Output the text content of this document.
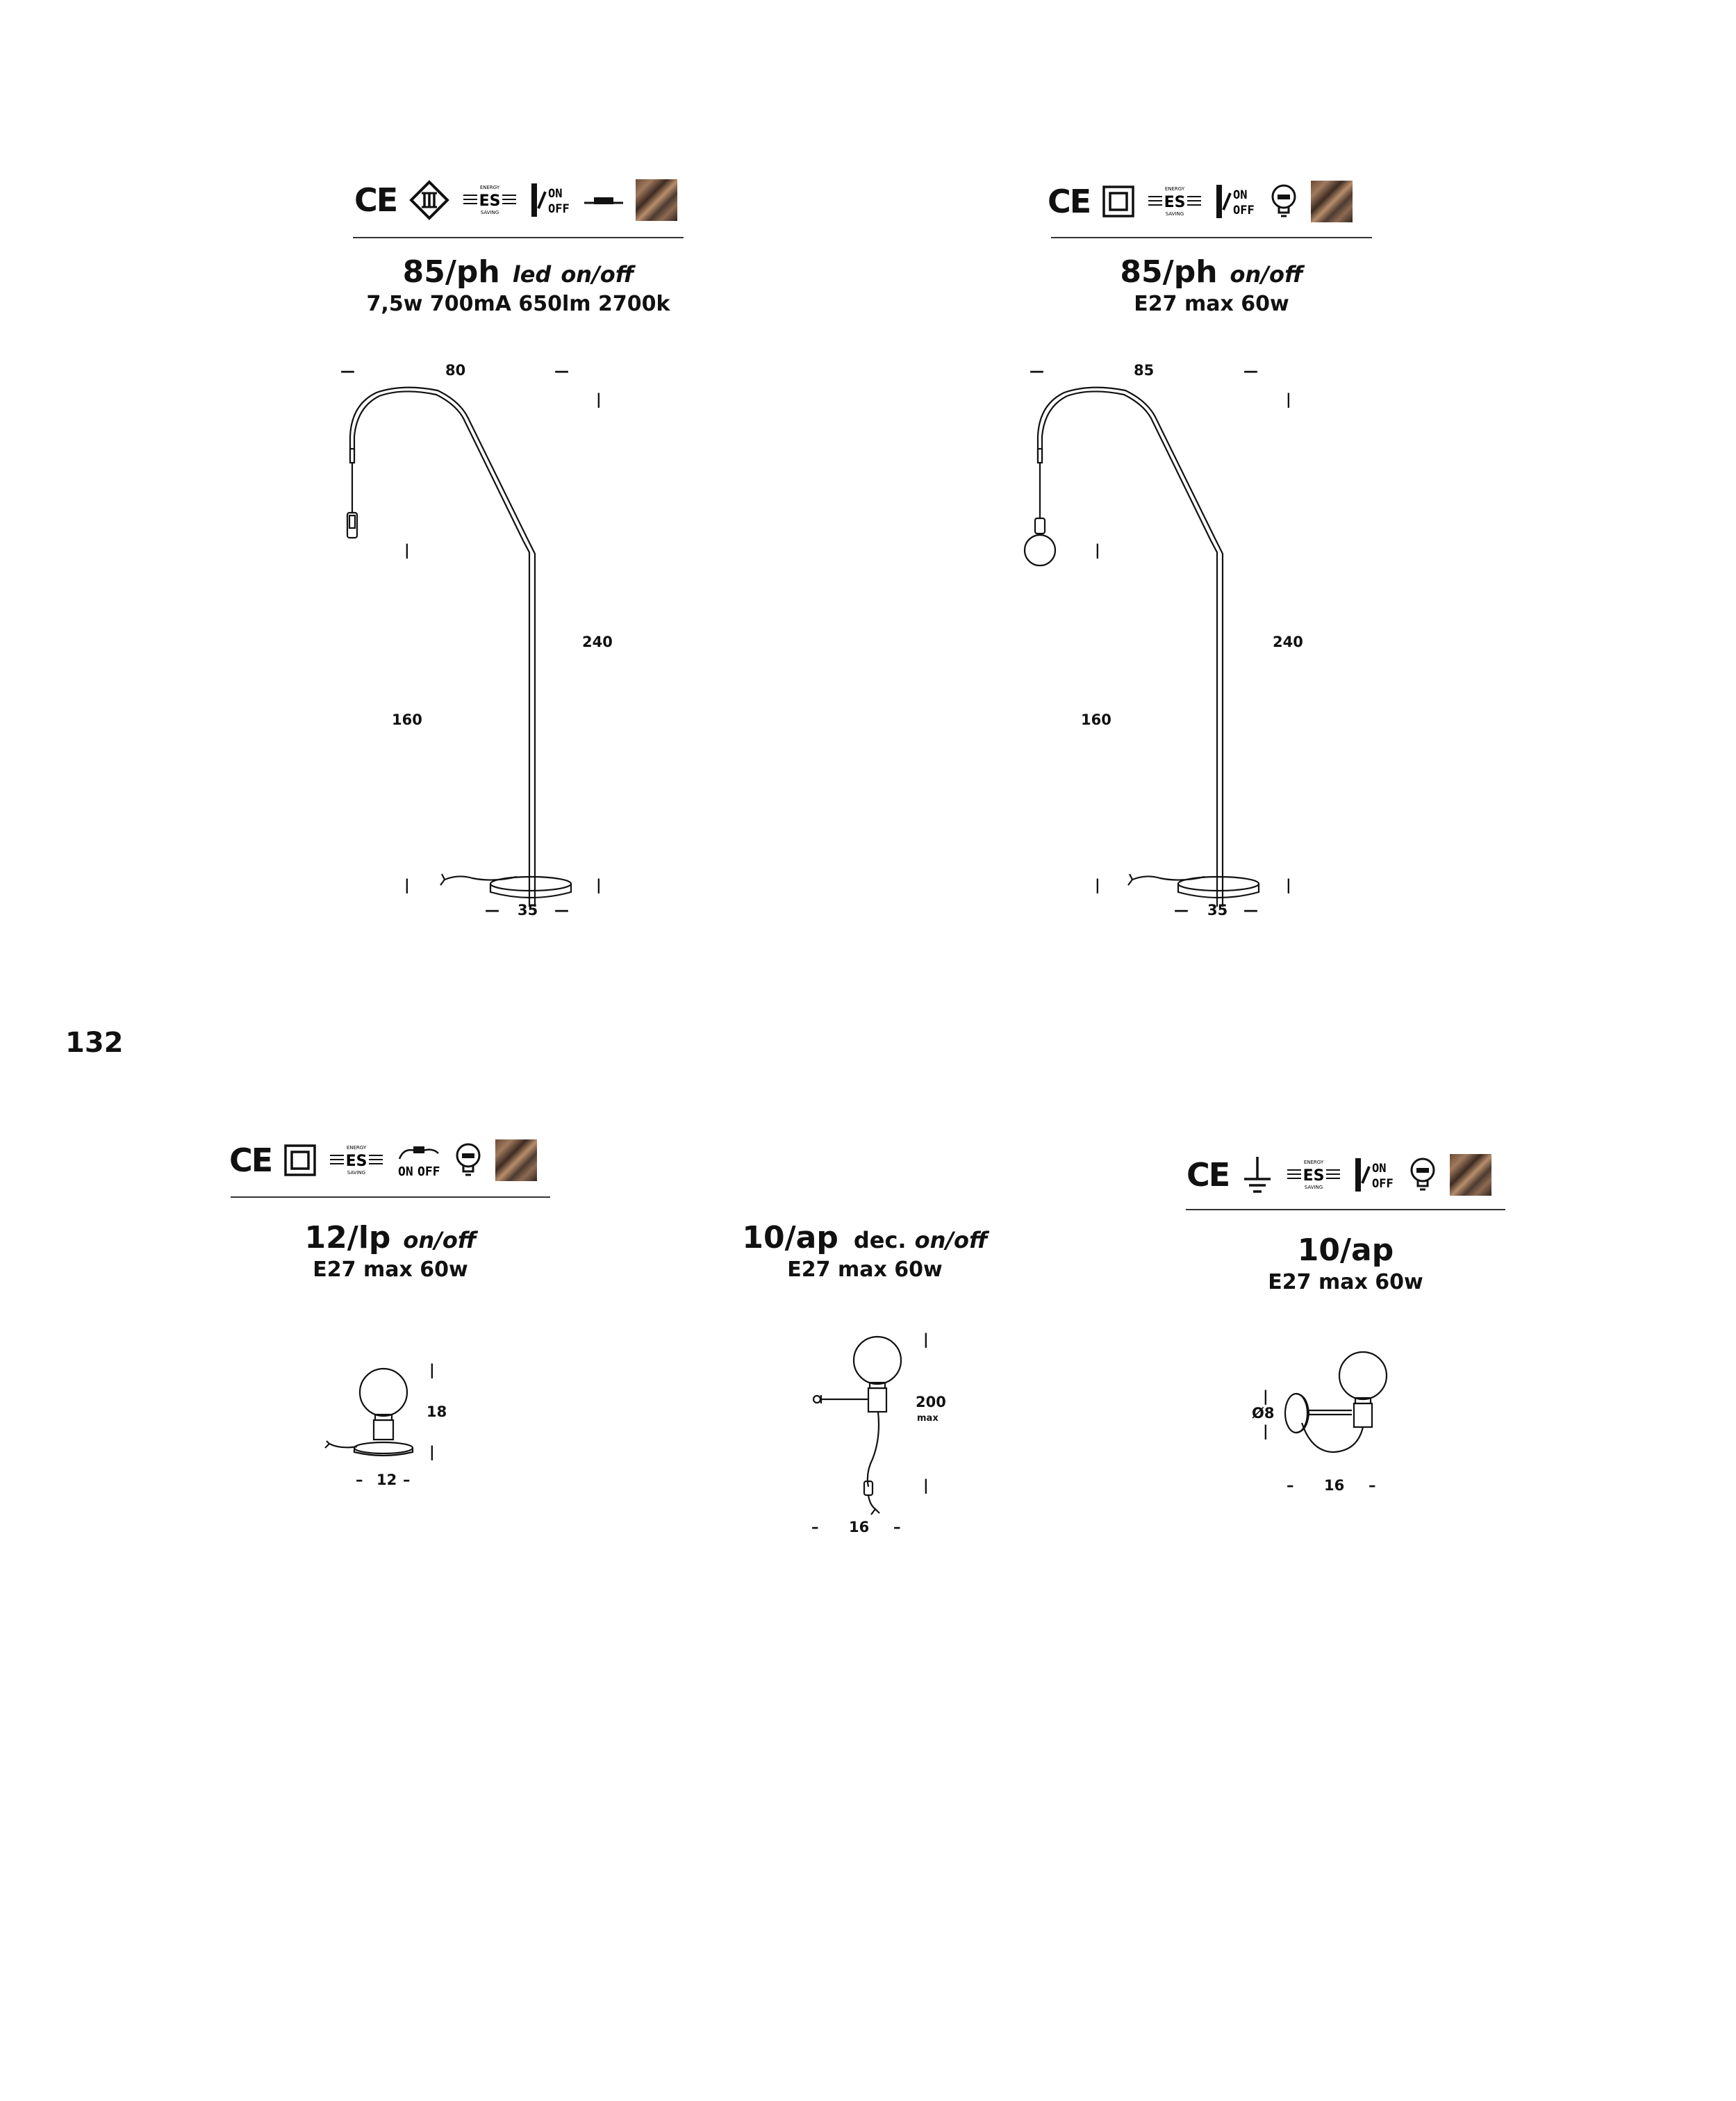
132
CE	ENERGY
ES
SAVING
ON
OFF
85/ph led on/off
7,5w 700mA 650lm 2700k
—	80	—
|
|
240
160
|	|
— 35 —
CE	ENERGY
ES
SAVING
ON
OFF
85/ph on/off
E27 max 60w
—	85	—
|
|
240
160
|	|
— 35 —
CE	ENERGY
ES
SAVING	ON OFF
12/lp on/off
E27 max 60w
|
18
|
– 12 –
10/ap dec. on/off
E27 max 60w
|
200
max
|
– 16 –
CE	ENERGY
ES
SAVING
ON
OFF
10/ap
E27 max 60w
|
Ø8
|
– 16 –
